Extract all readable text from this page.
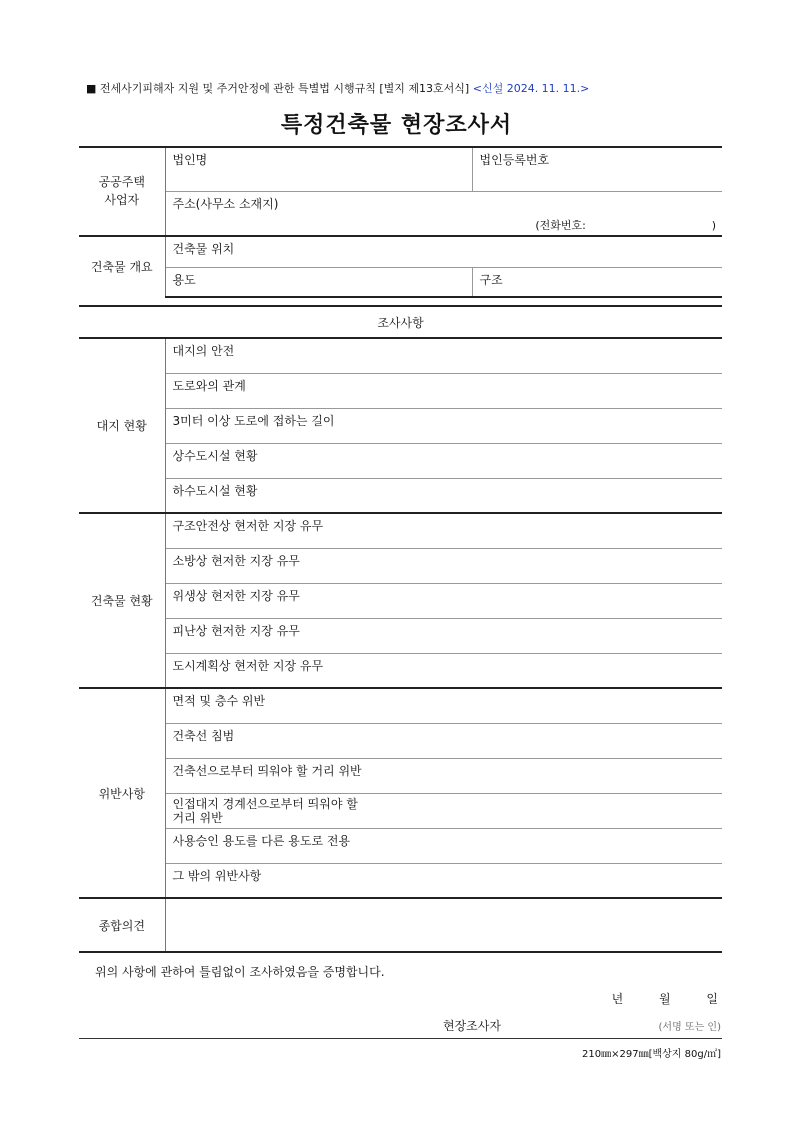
■ 전세사기피해자 지원 및 주거안정에 관한 특별법 시행규칙 [별지 제13호서식] <신설 2024. 11. 11.>
특정건축물 현장조사서
공공주택
사업자	법인명	법인등록번호

	주소(사무소 소재지)
(전화번호:                                    )	

건축물 개요	건축물 위치	
	용도	구조
조사사항	
대지 현황	대지의 안전
	도로와의 관계
	3미터 이상 도로에 접하는 길이
	상수도시설 현황
	하수도시설 현황
건축물 현황	구조안전상 현저한 지장 유무
	소방상 현저한 지장 유무
	위생상 현저한 지장 유무
	피난상 현저한 지장 유무
	도시계획상 현저한 지장 유무
위반사항	면적 및 층수 위반
	건축선 침범
	건축선으로부터 띄워야 할 거리 위반
	인접대지 경계선으로부터 띄워야 할
거리 위반
	사용승인 용도를 다른 용도로 전용
	그 밖의 위반사항
종합의견	
위의 사항에 관하여 틀림없이 조사하였음을 증명합니다.
년	월	일
현장조사자	(서명 또는 인)
210㎜×297㎜[백상지 80g/㎡]
